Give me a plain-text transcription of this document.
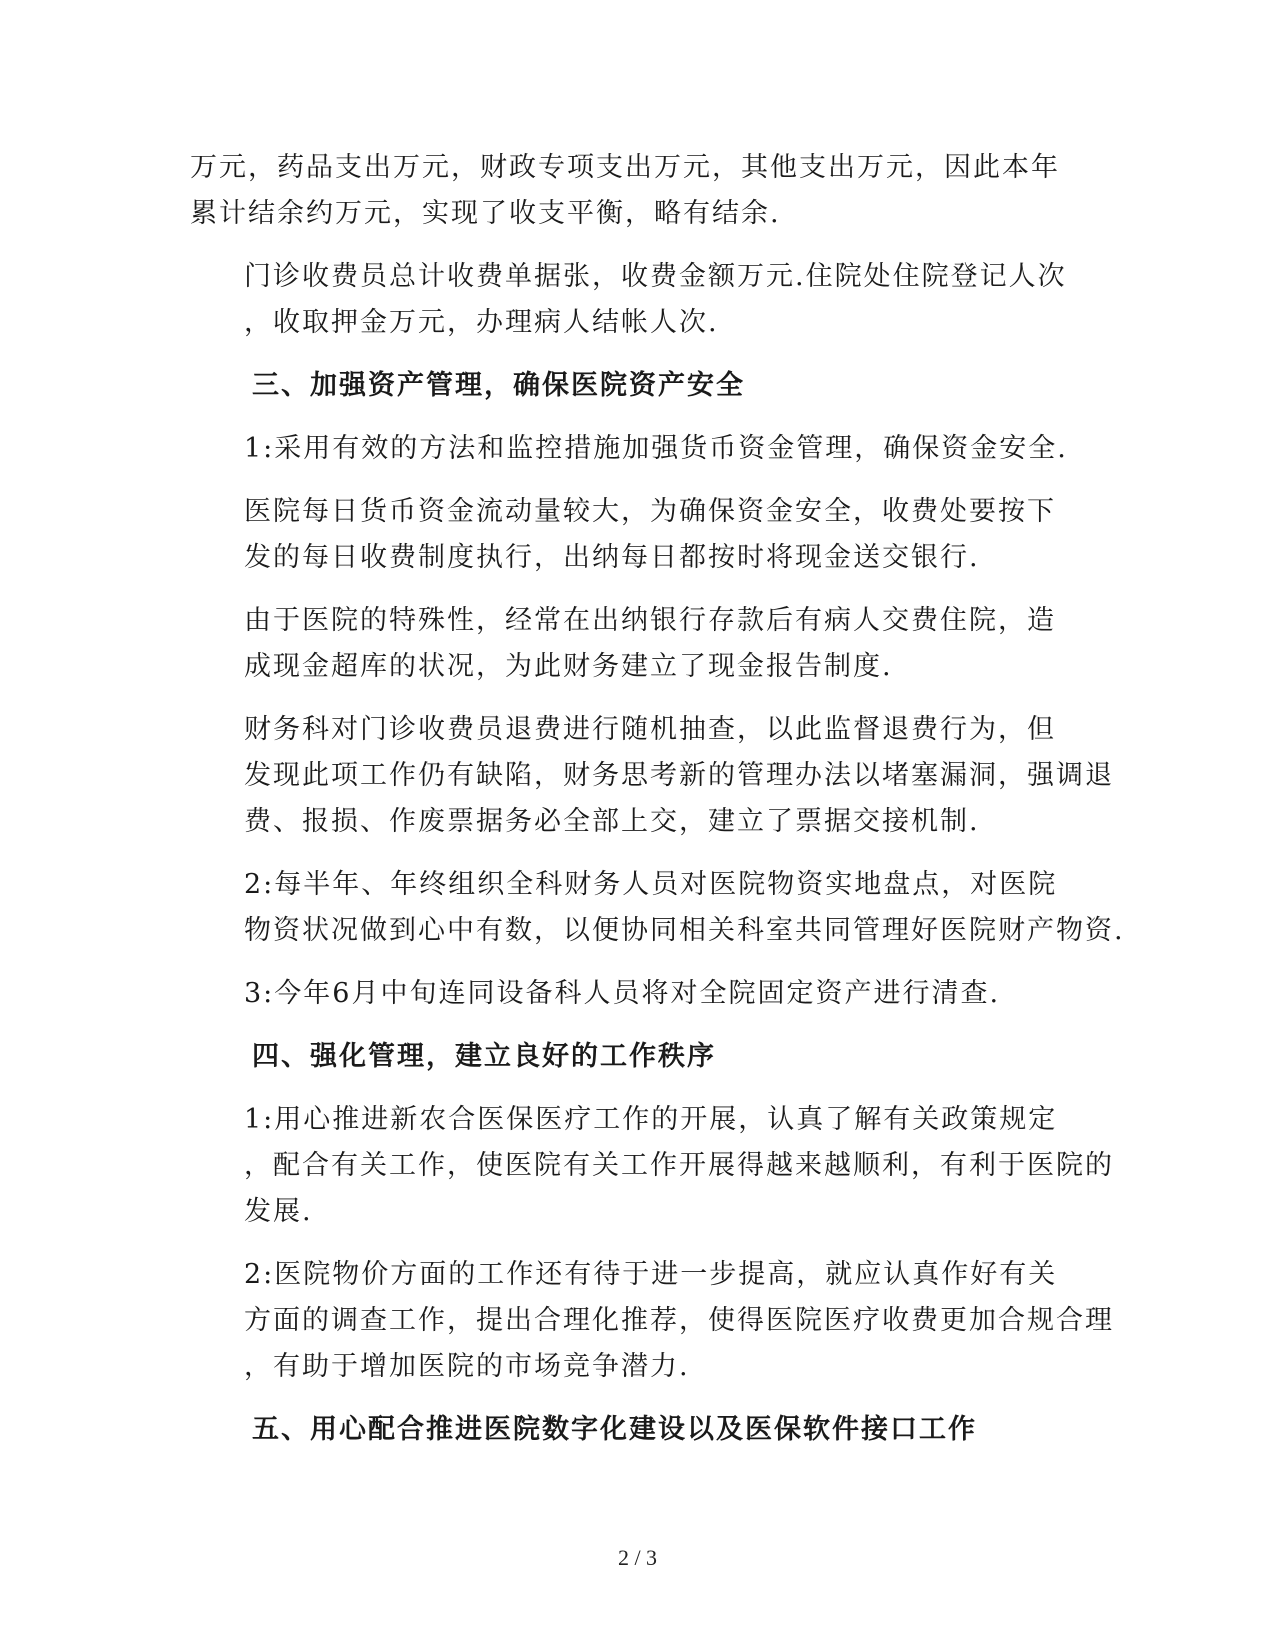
万元，药品支出万元，财政专项支出万元，其他支出万元，因此本年
累计结余约万元，实现了收支平衡，略有结余.
门诊收费员总计收费单据张，收费金额万元.住院处住院登记人次
，收取押金万元，办理病人结帐人次.
三、加强资产管理，确保医院资产安全
1:采用有效的方法和监控措施加强货币资金管理，确保资金安全.
医院每日货币资金流动量较大，为确保资金安全，收费处要按下
发的每日收费制度执行，出纳每日都按时将现金送交银行.
由于医院的特殊性，经常在出纳银行存款后有病人交费住院，造
成现金超库的状况，为此财务建立了现金报告制度.
财务科对门诊收费员退费进行随机抽查，以此监督退费行为，但
发现此项工作仍有缺陷，财务思考新的管理办法以堵塞漏洞，强调退
费、报损、作废票据务必全部上交，建立了票据交接机制.
2:每半年、年终组织全科财务人员对医院物资实地盘点，对医院
物资状况做到心中有数，以便协同相关科室共同管理好医院财产物资.
3:今年6月中旬连同设备科人员将对全院固定资产进行清查.
四、强化管理，建立良好的工作秩序
1:用心推进新农合医保医疗工作的开展，认真了解有关政策规定
，配合有关工作，使医院有关工作开展得越来越顺利，有利于医院的
发展.
2:医院物价方面的工作还有待于进一步提高，就应认真作好有关
方面的调查工作，提出合理化推荐，使得医院医疗收费更加合规合理
，有助于增加医院的市场竞争潜力.
五、用心配合推进医院数字化建设以及医保软件接口工作
2 / 3
